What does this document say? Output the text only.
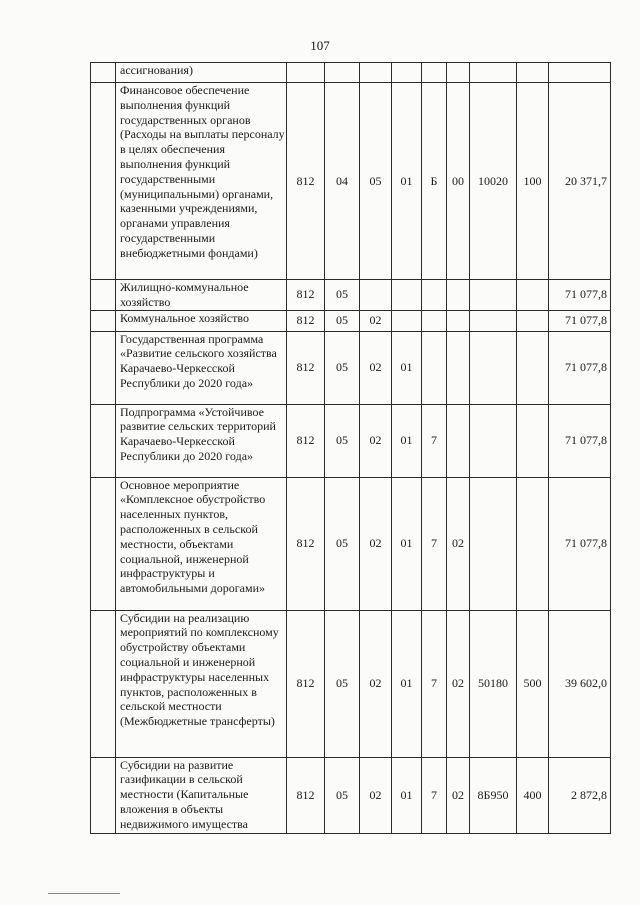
107
	ассигнования)									
	Финансовое обеспечение выполнения функций государственных органов (Расходы на выплаты персоналу в целях обеспечения выполнения функций государственными (муниципальными) органами, казенными учреждениями, органами управления государственными внебюджетными фондами)	812	04	05	01	Б	00	10020	100	20 371,7
	Жилищно-коммунальное хозяйство	812	05							71 077,8
	Коммунальное хозяйство	812	05	02						71 077,8
	Государственная программа «Развитие сельского хозяйства Карачаево-Черкесской Республики до 2020 года»	812	05	02	01					71 077,8
	Подпрограмма «Устойчивое развитие сельских территорий Карачаево-Черкесской Республики до 2020 года»	812	05	02	01	7				71 077,8
	Основное мероприятие «Комплексное обустройство населенных пунктов, расположенных в сельской местности, объектами социальной, инженерной инфраструктуры и автомобильными дорогами»	812	05	02	01	7	02			71 077,8
	Субсидии на реализацию мероприятий по комплексному обустройству объектами социальной и инженерной инфраструктуры населенных пунктов, расположенных в сельской местности (Межбюджетные трансферты)	812	05	02	01	7	02	50180	500	39 602,0
	Субсидии на развитие газификации в сельской местности (Капитальные вложения в объекты недвижимого имущества	812	05	02	01	7	02	8Б950	400	2 872,8
